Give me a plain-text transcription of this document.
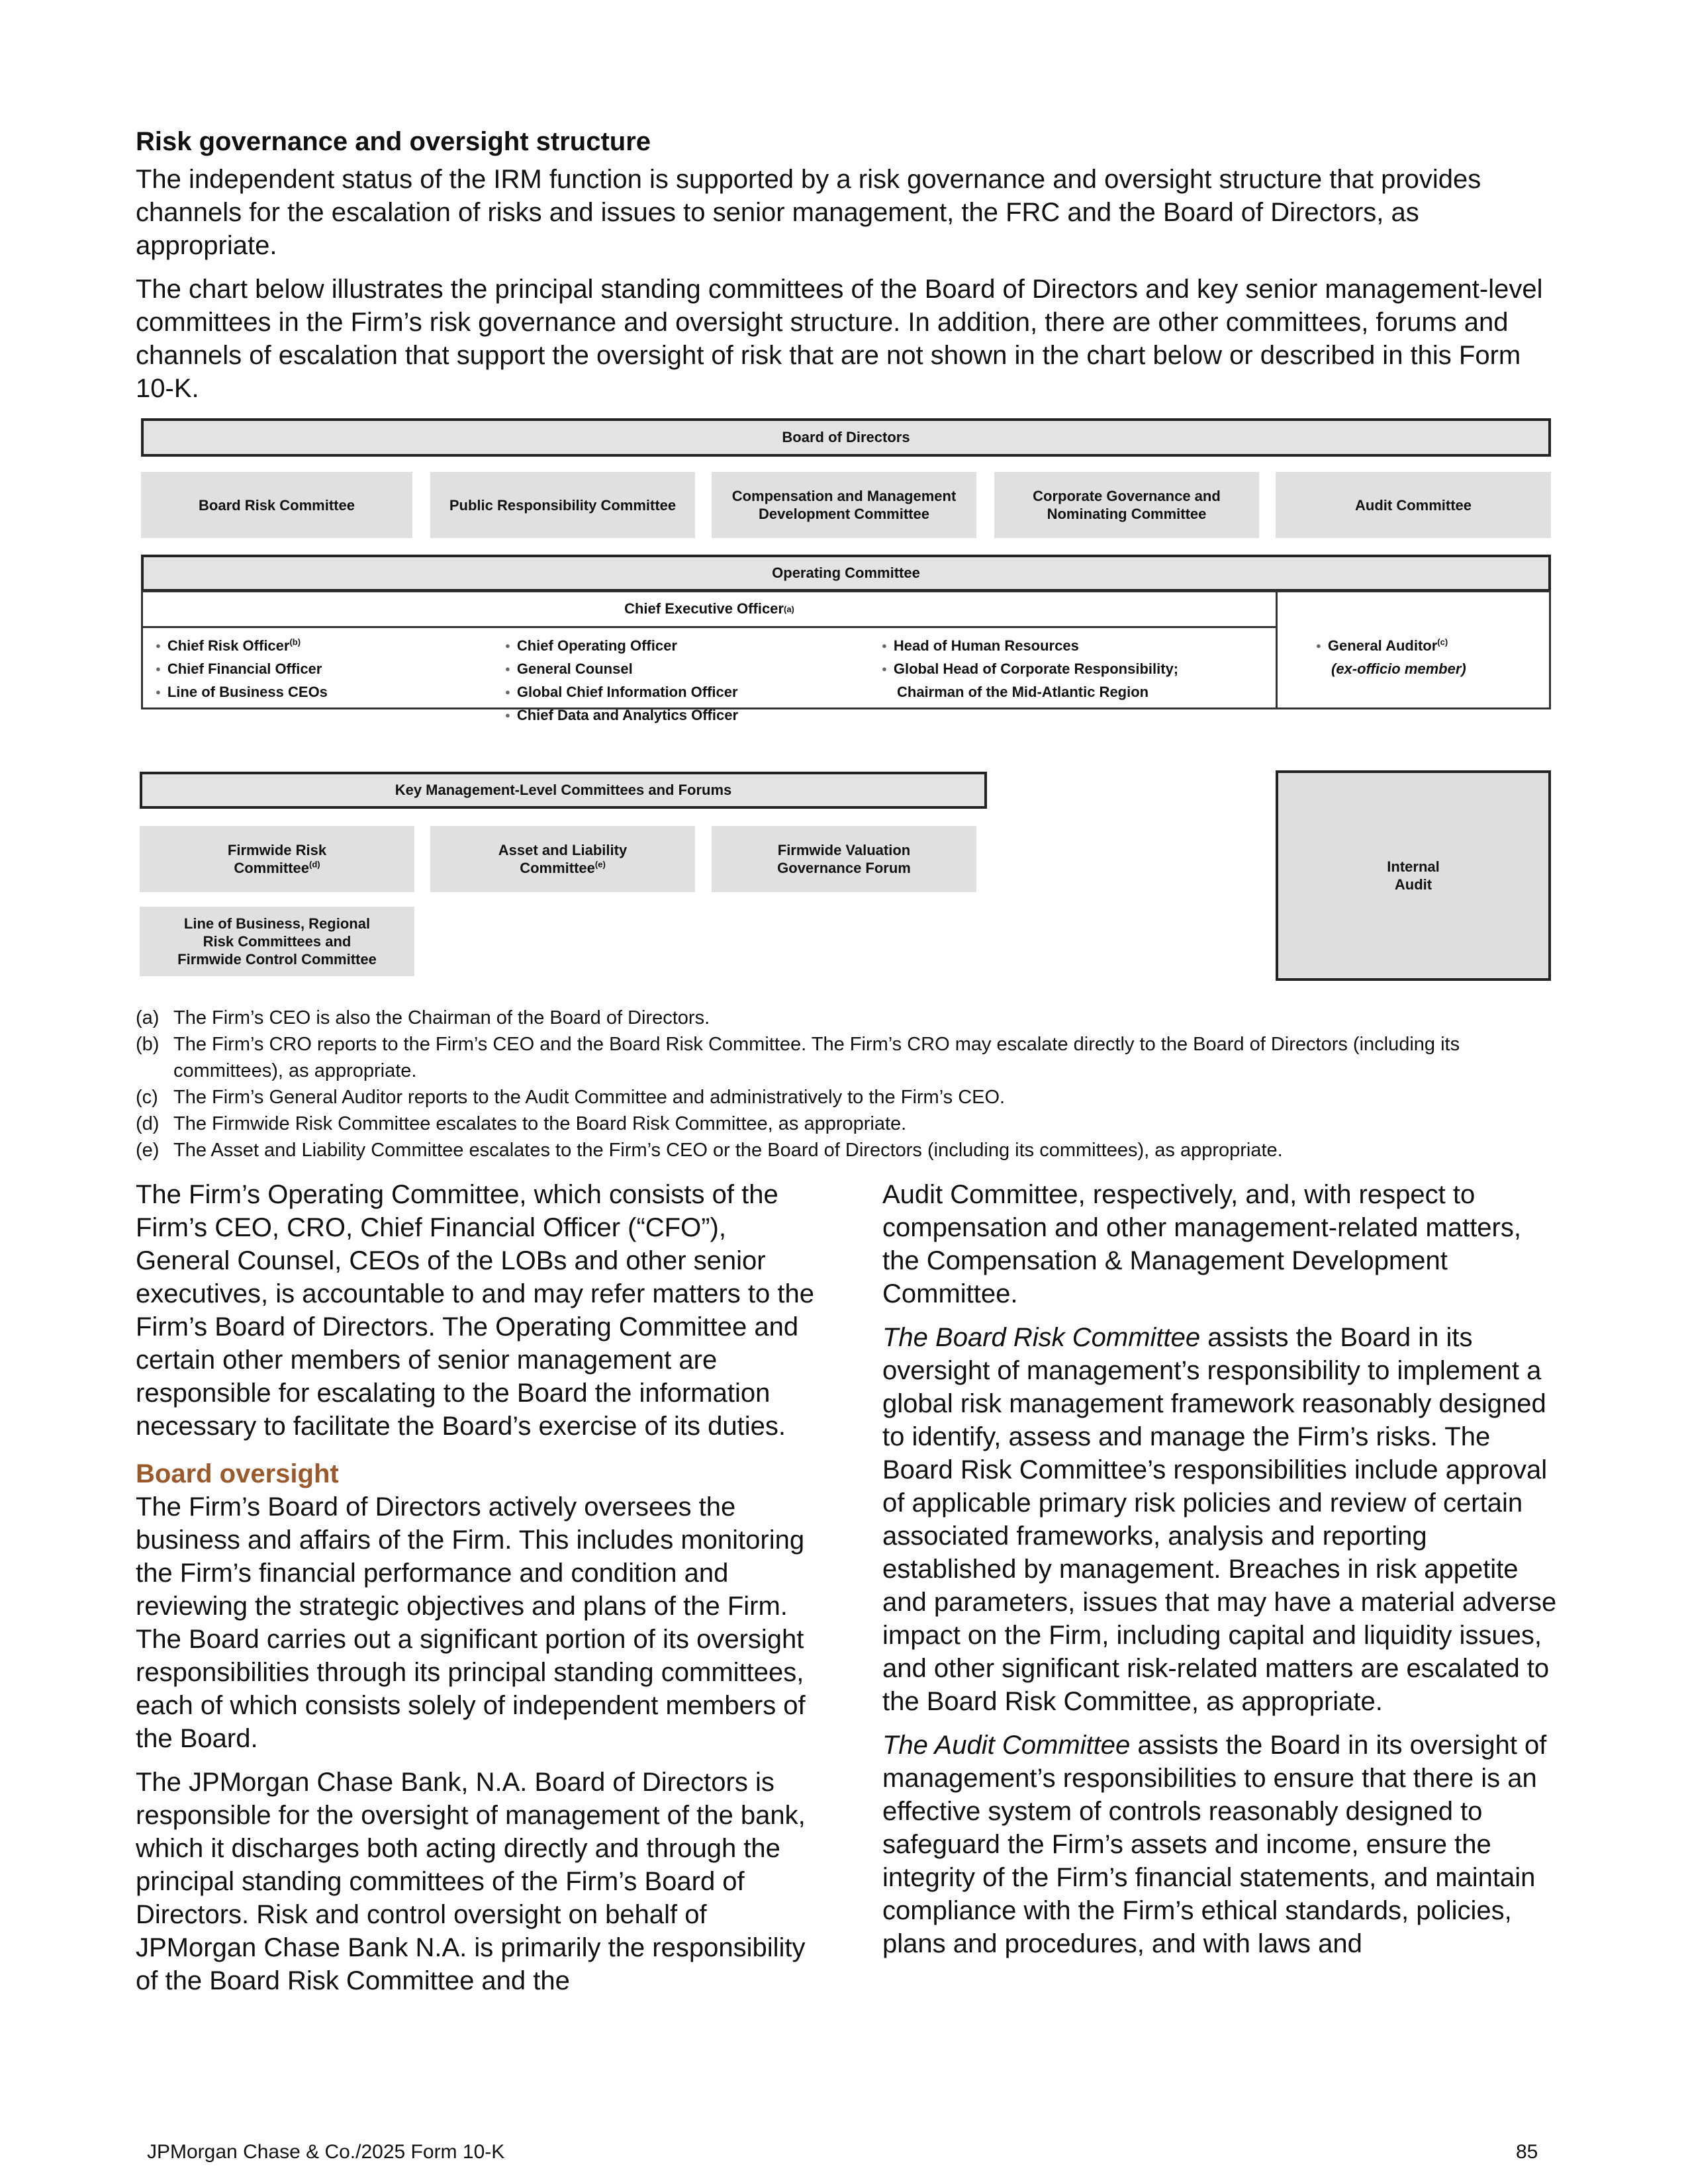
Risk governance and oversight structure

The independent status of the IRM function is supported by a risk governance and oversight structure that provides channels for the escalation of risks and issues to senior management, the FRC and the Board of Directors, as appropriate.

The chart below illustrates the principal standing committees of the Board of Directors and key senior management-level committees in the Firm’s risk governance and oversight structure. In addition, there are other committees, forums and channels of escalation that support the oversight of risk that are not shown in the chart below or described in this Form 10-K.

Board of Directors
Board Risk Committee	Public Responsibility Committee
Compensation and Management
Development Committee
Corporate Governance and
Nominating Committee
Audit Committee
Operating Committee
Chief Executive Officer (a)
● Chief Risk Officer$^{(b)}$
● Chief Financial Officer
● Line of Business CEOs
● Chief Operating Officer
● General Counsel
● Global Chief Information Officer
● Chief Data and Analytics Officer
● Head of Human Resources
● Global Head of Corporate Responsibility;
Chairman of the Mid-Atlantic Region
● General Auditor$^{(c)}$
(ex-officio member)
Key Management-Level Committees and Forums
Firmwide Risk
Committee$^{(d)}$
Asset and Liability
Committee$^{(e)}$
Firmwide Valuation
Governance Forum
Line of Business, Regional
Risk Committees and
Firmwide Control Committee
Internal
Audit
(a) The Firm’s CEO is also the Chairman of the Board of Directors.
(b) The Firm’s CRO reports to the Firm’s CEO and the Board Risk Committee. The Firm’s CRO may escalate directly to the Board of Directors (including its committees), as appropriate.
(c) The Firm’s General Auditor reports to the Audit Committee and administratively to the Firm’s CEO.
(d) The Firmwide Risk Committee escalates to the Board Risk Committee, as appropriate.
(e) The Asset and Liability Committee escalates to the Firm’s CEO or the Board of Directors (including its committees), as appropriate.

The Firm’s Operating Committee, which consists of the Firm’s CEO, CRO, Chief Financial Officer (“CFO”), General Counsel, CEOs of the LOBs and other senior executives, is accountable to and may refer matters to the Firm’s Board of Directors. The Operating Committee and certain other members of senior management are responsible for escalating to the Board the information necessary to facilitate the Board’s exercise of its duties.

Board oversight

The Firm’s Board of Directors actively oversees the business and affairs of the Firm. This includes monitoring the Firm’s financial performance and condition and reviewing the strategic objectives and plans of the Firm. The Board carries out a significant portion of its oversight responsibilities through its principal standing committees, each of which consists solely of independent members of the Board.

The JPMorgan Chase Bank, N.A. Board of Directors is responsible for the oversight of management of the bank, which it discharges both acting directly and through the principal standing committees of the Firm’s Board of Directors. Risk and control oversight on behalf of JPMorgan Chase Bank N.A. is primarily the responsibility of the Board Risk Committee and the

Audit Committee, respectively, and, with respect to compensation and other management-related matters, the Compensation & Management Development Committee.

The Board Risk Committee assists the Board in its oversight of management’s responsibility to implement a global risk management framework reasonably designed to identify, assess and manage the Firm’s risks. The Board Risk Committee’s responsibilities include approval of applicable primary risk policies and review of certain associated frameworks, analysis and reporting established by management. Breaches in risk appetite and parameters, issues that may have a material adverse impact on the Firm, including capital and liquidity issues, and other significant risk-related matters are escalated to the Board Risk Committee, as appropriate.

The Audit Committee assists the Board in its oversight of management’s responsibilities to ensure that there is an effective system of controls reasonably designed to safeguard the Firm’s assets and income, ensure the integrity of the Firm’s financial statements, and maintain compliance with the Firm’s ethical standards, policies, plans and procedures, and with laws and

JPMorgan Chase & Co./2025 Form 10-K	85
